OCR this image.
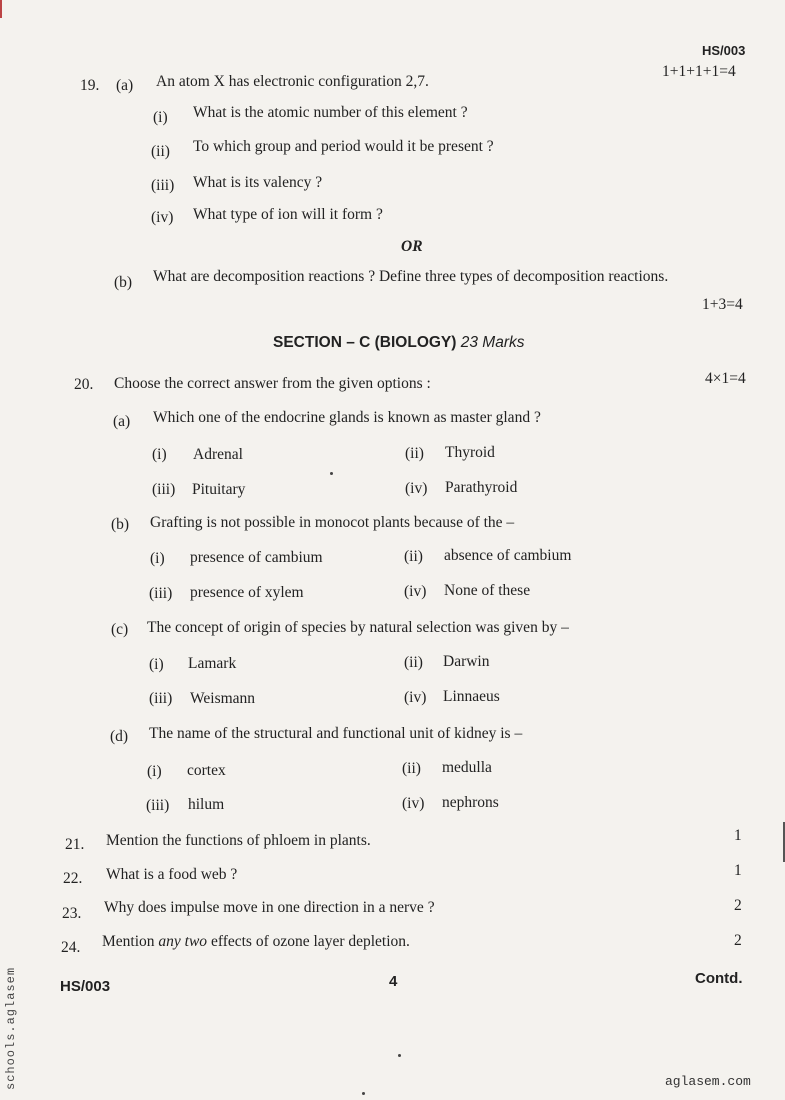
HS/003
19. (a) An atom X has electronic configuration 2,7.
1+1+1+1=4
(i) What is the atomic number of this element ?
(ii) To which group and period would it be present ?
(iii) What is its valency ?
(iv) What type of ion will it form ?
OR
(b) What are decomposition reactions ? Define three types of decomposition reactions.
1+3=4
SECTION – C (BIOLOGY) 23 Marks
20. Choose the correct answer from the given options :	4×1=4
(a) Which one of the endocrine glands is known as master gland ?
(i) Adrenal	(ii) Thyroid
(iii) Pituitary	(iv) Parathyroid
(b) Grafting is not possible in monocot plants because of the –
(i) presence of cambium	(ii) absence of cambium
(iii) presence of xylem	(iv) None of these
(c) The concept of origin of species by natural selection was given by –
(i) Lamark	(ii) Darwin
(iii) Weismann	(iv) Linnaeus
(d) The name of the structural and functional unit of kidney is –
(i) cortex	(ii) medulla
(iii) hilum	(iv) nephrons
21. Mention the functions of phloem in plants.	1
22. What is a food web ?	1
23. Why does impulse move in one direction in a nerve ?	2
24. Mention any two effects of ozone layer depletion.	2
HS/003	4	Contd.
schools.aglasem	aglasem.com
